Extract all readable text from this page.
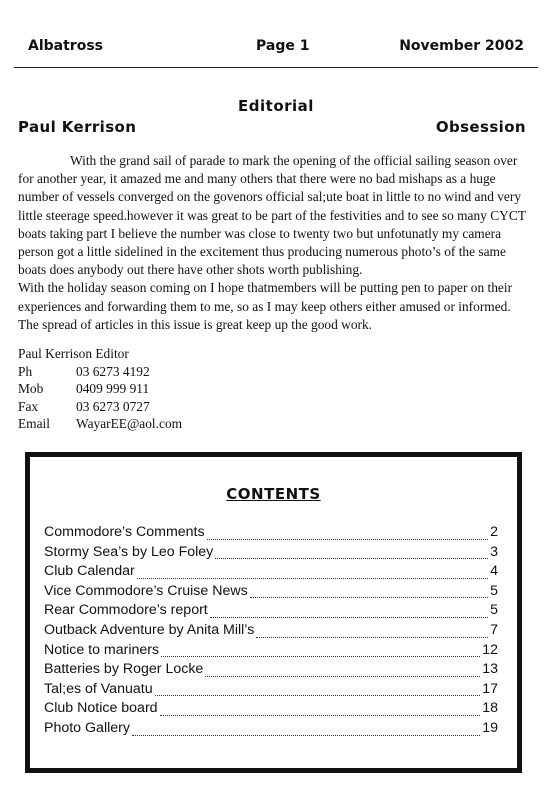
Albatross	Page 1	November 2002
Editorial
Paul Kerrison	Obsession

With the grand sail of parade to mark the opening of the official sailing season over for another year, it amazed me and many others that there were no bad mishaps as a huge number of vessels converged on the govenors official sal;ute boat in little to no wind and very little steerage speed.however it was great to be part of the festivities and to see so many CYCT boats taking part I believe the number was close to twenty two but unfotunatly my camera person got a little sidelined in the excitement thus producing numerous photo’s of the same boats does anybody out there have other shots worth publishing.

With the holiday season coming on I hope thatmembers will be putting pen to paper on their experiences and forwarding them to me, so as I may keep others either amused or informed. The spread of articles in this issue is great keep up the good work.

Paul Kerrison Editor
Ph	03 6273 4192
Mob	0409 999 911
Fax	03 6273 0727
Email	WayarEE@aol.com
CONTENTS
Commodore’s Comments	2
Stormy Sea’s by Leo Foley	3
Club Calendar	4
Vice Commodore’s Cruise News	5
Rear Commodore’s report	5
Outback Adventure by Anita Mill’s	7
Notice to mariners	12
Batteries by Roger Locke	13
Tal;es of Vanuatu	17
Club Notice board	18
Photo Gallery	19
